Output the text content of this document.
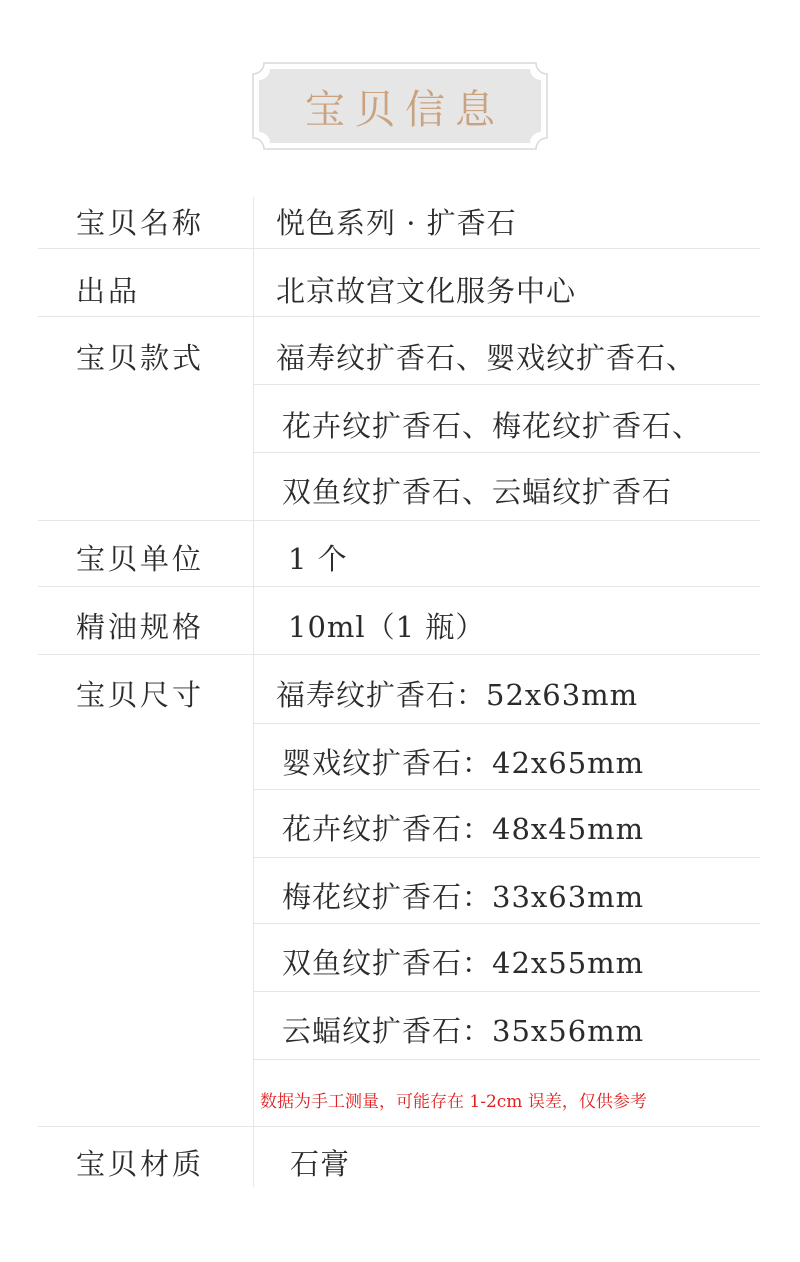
宝贝信息
宝贝名称 悦色系列 · 扩香石
出品	北京故宫文化服务中心
宝贝款式 福寿纹扩香石、婴戏纹扩香石、
花卉纹扩香石、梅花纹扩香石、
双鱼纹扩香石、云蝠纹扩香石
宝贝单位	1 个
精油规格	10ml（1 瓶）
宝贝尺寸 福寿纹扩香石：52x63mm
婴戏纹扩香石：42x65mm
花卉纹扩香石：48x45mm
梅花纹扩香石：33x63mm
双鱼纹扩香石：42x55mm
云蝠纹扩香石：35x56mm
数据为手工测量，可能存在 1-2cm 误差，仅供参考
宝贝材质	石膏
